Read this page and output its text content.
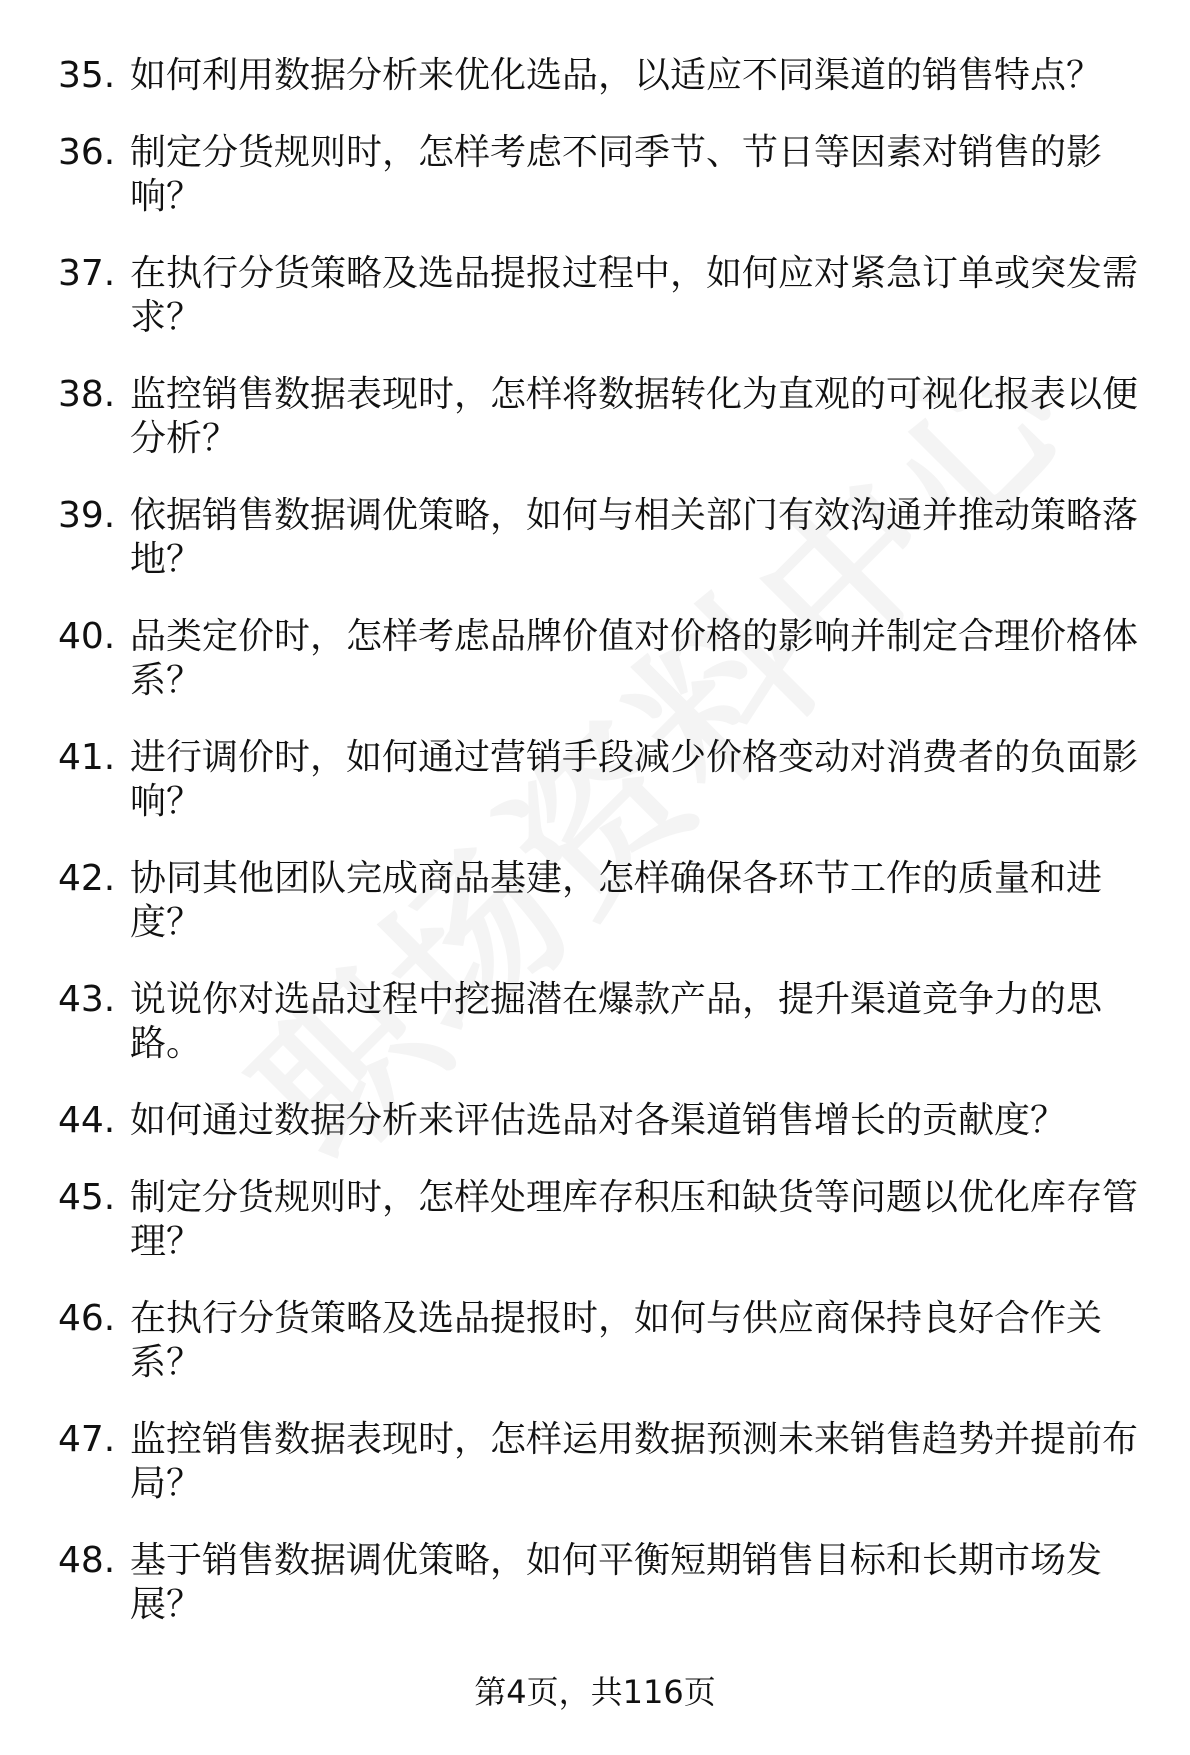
35. 如何利用数据分析来优化选品，以适应不同渠道的销售特点？
36. 制定分货规则时，怎样考虑不同季节、节日等因素对销售的影响？
37. 在执行分货策略及选品提报过程中，如何应对紧急订单或突发需求？
38. 监控销售数据表现时，怎样将数据转化为直观的可视化报表以便分析？
39. 依据销售数据调优策略，如何与相关部门有效沟通并推动策略落地？
40. 品类定价时，怎样考虑品牌价值对价格的影响并制定合理价格体系？
41. 进行调价时，如何通过营销手段减少价格变动对消费者的负面影响？
42. 协同其他团队完成商品基建，怎样确保各环节工作的质量和进度？
43. 说说你对选品过程中挖掘潜在爆款产品，提升渠道竞争力的思路。
44. 如何通过数据分析来评估选品对各渠道销售增长的贡献度？
45. 制定分货规则时，怎样处理库存积压和缺货等问题以优化库存管理？
46. 在执行分货策略及选品提报时，如何与供应商保持良好合作关系？
47. 监控销售数据表现时，怎样运用数据预测未来销售趋势并提前布局？
48. 基于销售数据调优策略，如何平衡短期销售目标和长期市场发展？
第4页，共116页
